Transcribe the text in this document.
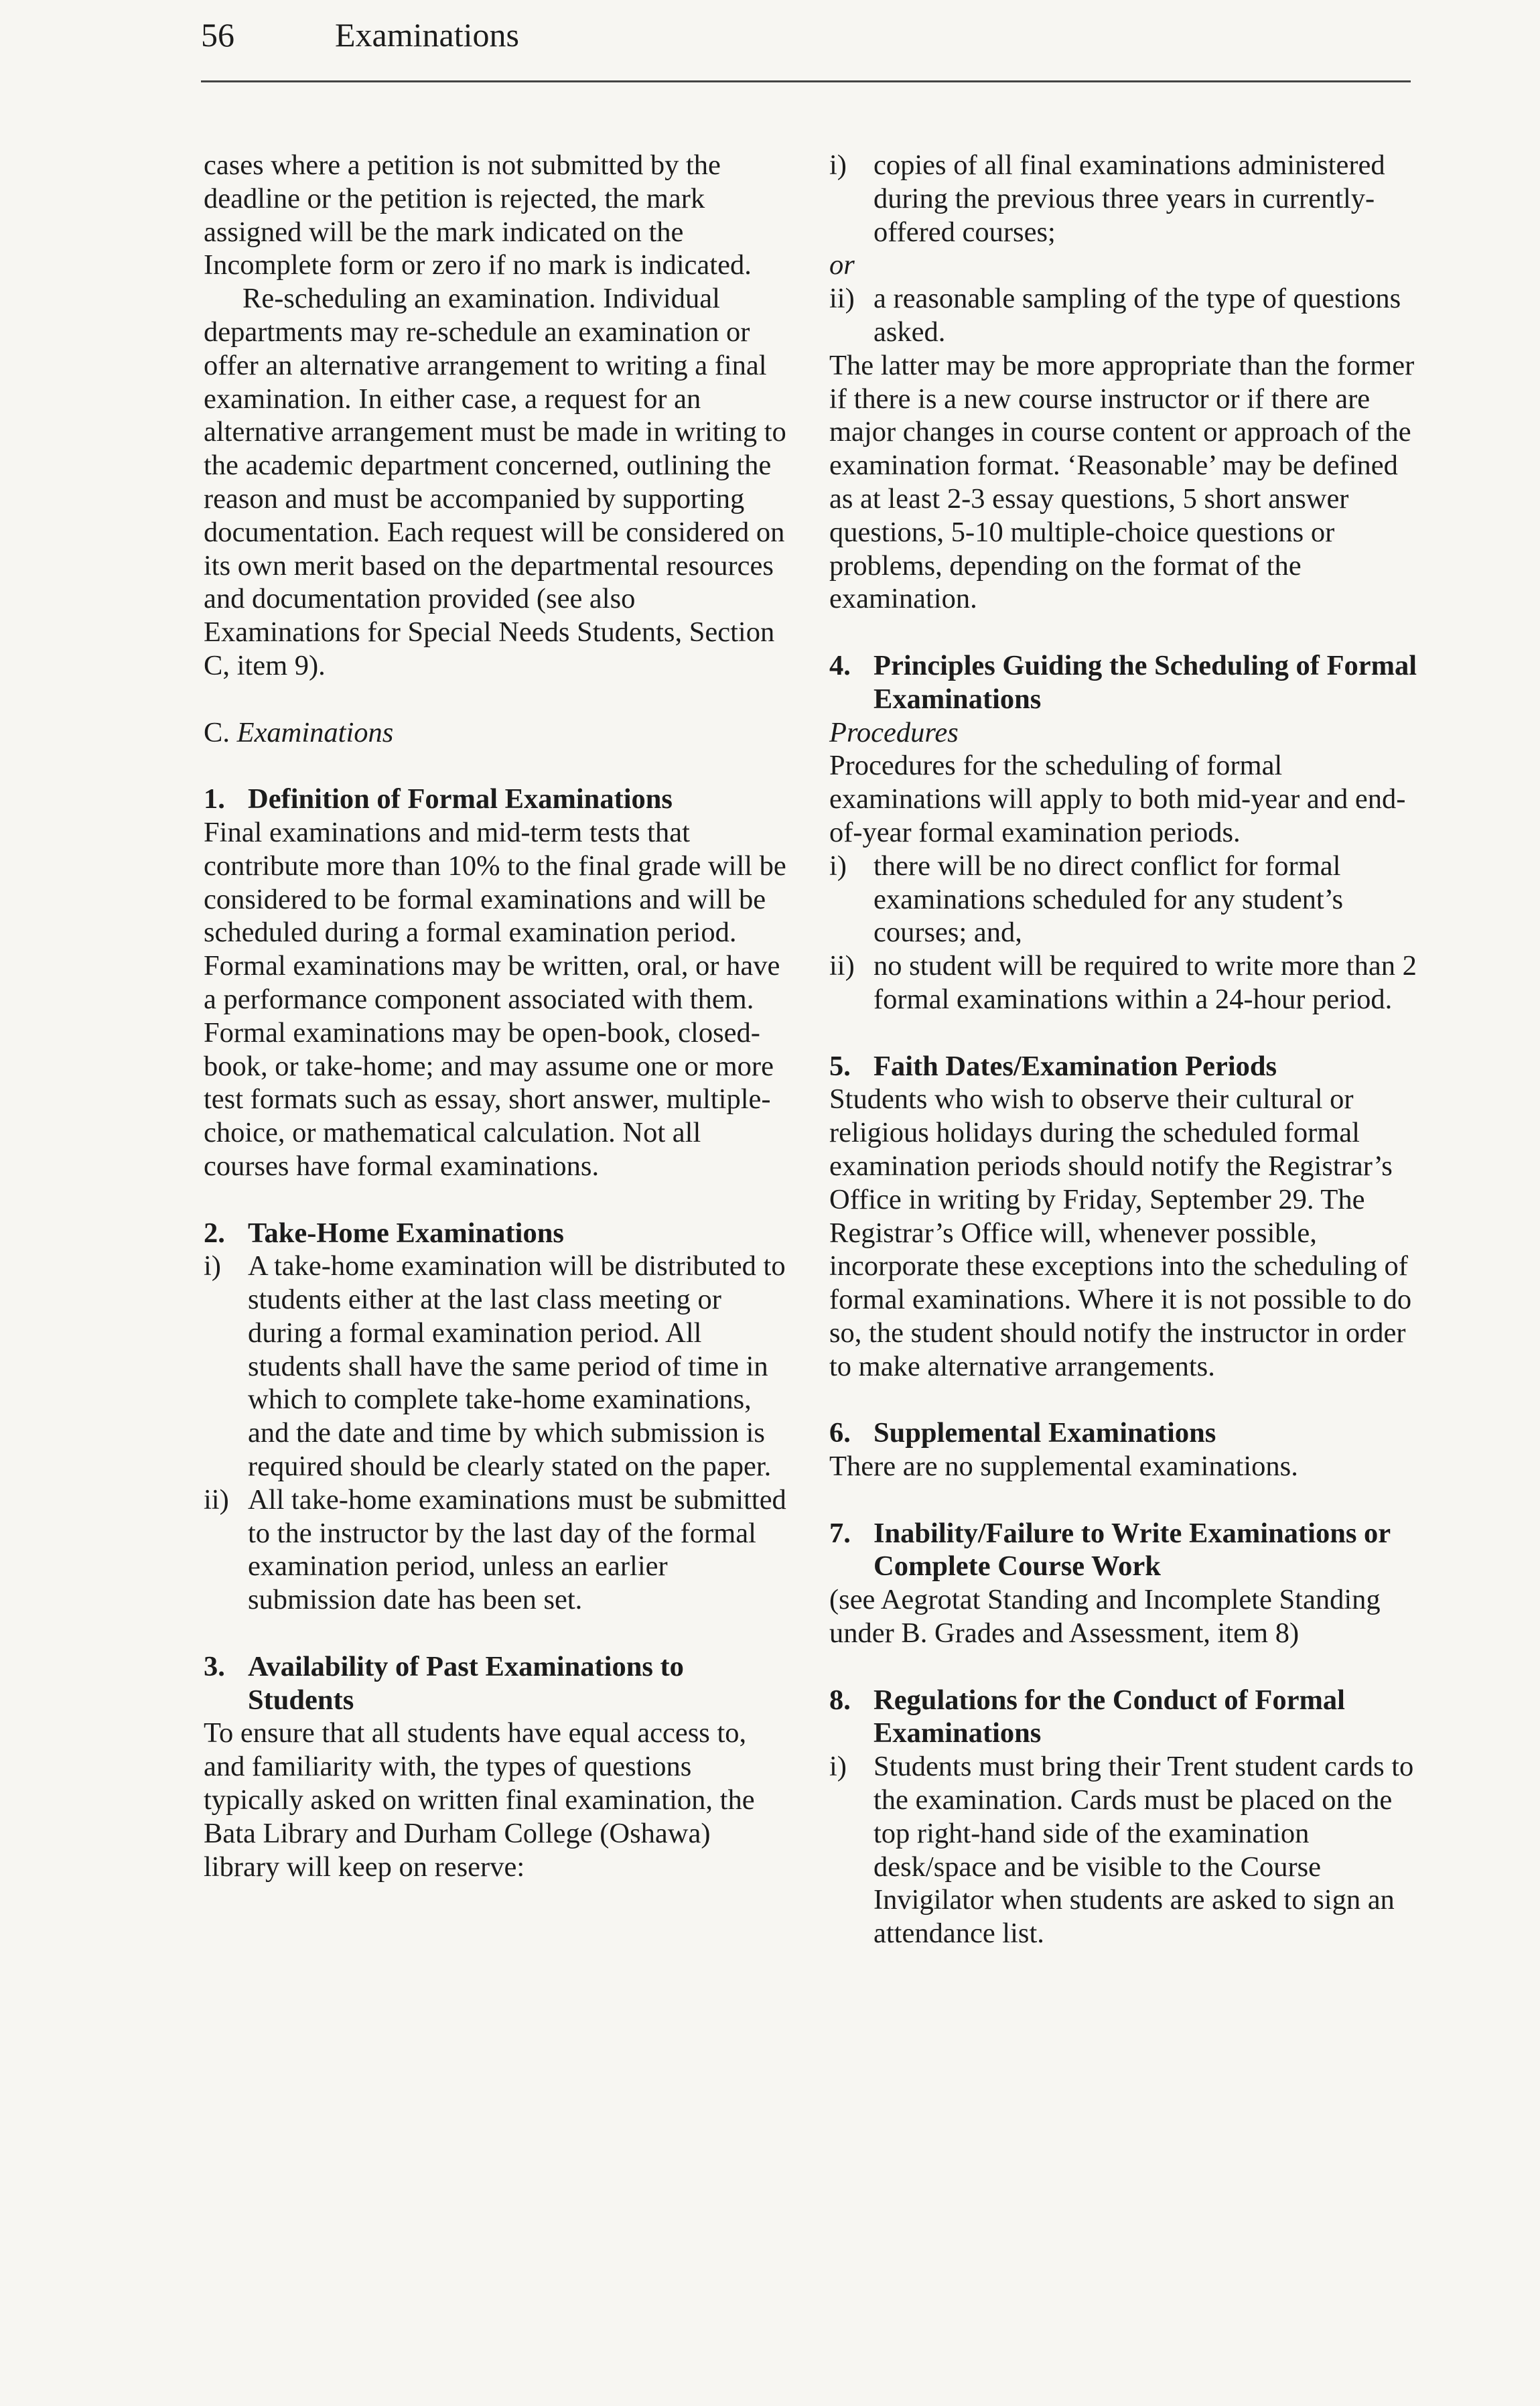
56	Examinations

cases where a petition is not submitted by the deadline or the petition is rejected, the mark assigned will be the mark indicated on the Incomplete form or zero if no mark is indicated.

Re-scheduling an examination. Individual departments may re-schedule an examination or offer an alternative arrangement to writing a final examination. In either case, a request for an alternative arrangement must be made in writing to the academic department concerned, outlining the reason and must be accompanied by supporting documentation. Each request will be considered on its own merit based on the departmental resources and documentation provided (see also Examinations for Special Needs Students, Section C, item 9).

C. Examinations

1. Definition of Formal Examinations

Final examinations and mid-term tests that contribute more than 10% to the final grade will be considered to be formal examinations and will be scheduled during a formal examination period. Formal examinations may be written, oral, or have a performance component associated with them. Formal examinations may be open-book, closed-book, or take-home; and may assume one or more test formats such as essay, short answer, multiple-choice, or mathematical calculation. Not all courses have formal examinations.

2. Take-Home Examinations

i) A take-home examination will be distributed to students either at the last class meeting or during a formal examination period. All students shall have the same period of time in which to complete take-home examinations, and the date and time by which submission is required should be clearly stated on the paper.

ii) All take-home examinations must be submitted to the instructor by the last day of the formal examination period, unless an earlier submission date has been set.

3. Availability of Past Examinations to Students

To ensure that all students have equal access to, and familiarity with, the types of questions typically asked on written final examination, the Bata Library and Durham College (Oshawa) library will keep on reserve:

i) copies of all final examinations administered during the previous three years in currently-offered courses;

or

ii) a reasonable sampling of the type of questions asked.

The latter may be more appropriate than the former if there is a new course instructor or if there are major changes in course content or approach of the examination format. ‘Reasonable’ may be defined as at least 2-3 essay questions, 5 short answer questions, 5-10 multiple-choice questions or problems, depending on the format of the examination.

4. Principles Guiding the Scheduling of Formal Examinations

Procedures

Procedures for the scheduling of formal examinations will apply to both mid-year and end-of-year formal examination periods.

i) there will be no direct conflict for formal examinations scheduled for any student’s courses; and,

ii) no student will be required to write more than 2 formal examinations within a 24-hour period.

5. Faith Dates/Examination Periods

Students who wish to observe their cultural or religious holidays during the scheduled formal examination periods should notify the Registrar’s Office in writing by Friday, September 29. The Registrar’s Office will, whenever possible, incorporate these exceptions into the scheduling of formal examinations. Where it is not possible to do so, the student should notify the instructor in order to make alternative arrangements.

6. Supplemental Examinations

There are no supplemental examinations.

7. Inability/Failure to Write Examinations or Complete Course Work

(see Aegrotat Standing and Incomplete Standing under B. Grades and Assessment, item 8)

8. Regulations for the Conduct of Formal Examinations

i) Students must bring their Trent student cards to the examination. Cards must be placed on the top right-hand side of the examination desk/space and be visible to the Course Invigilator when students are asked to sign an attendance list.
